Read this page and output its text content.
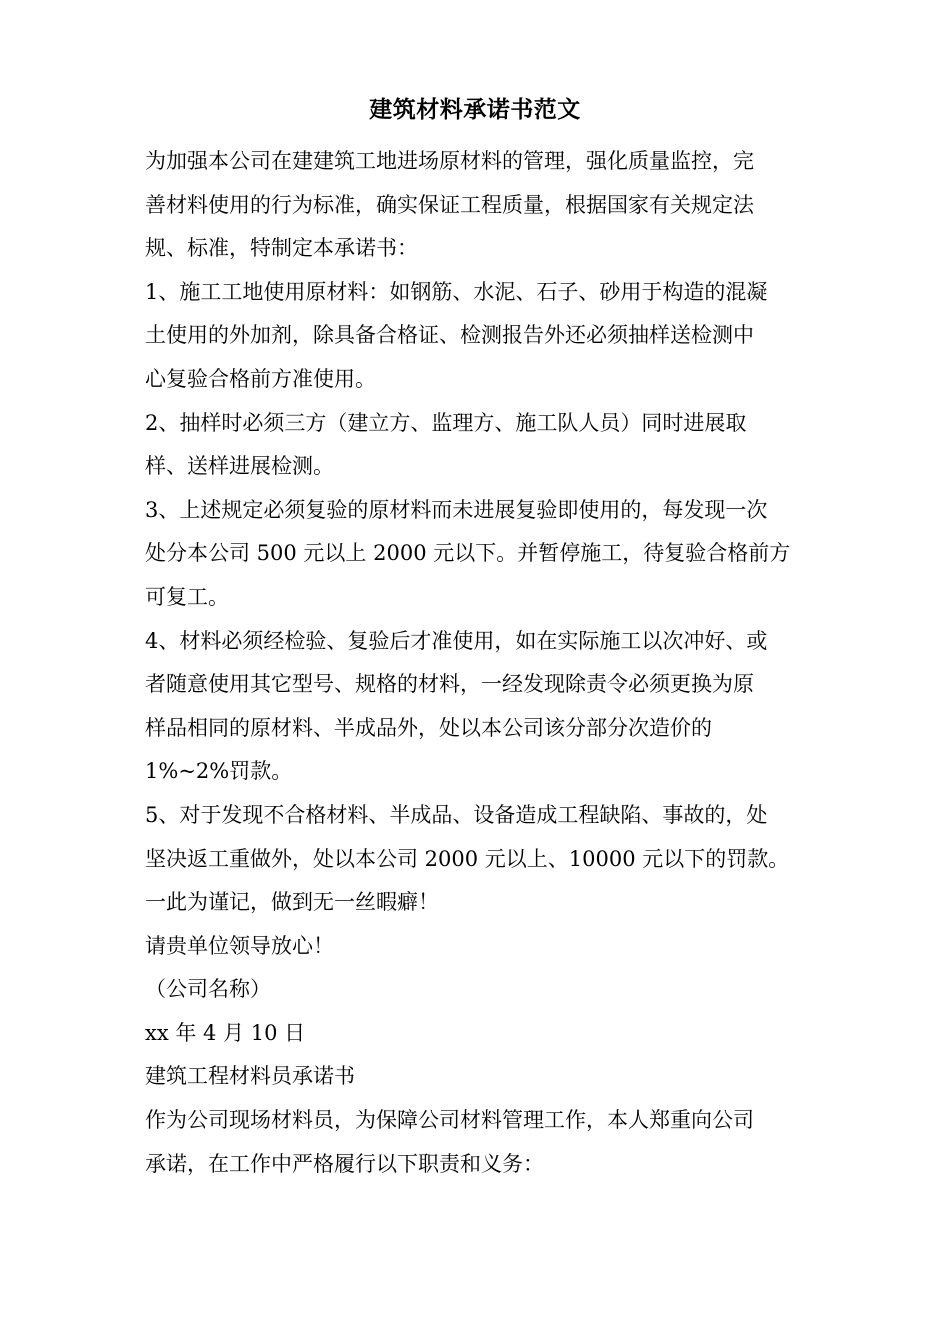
建筑材料承诺书范文
为加强本公司在建建筑工地进场原材料的管理，强化质量监控，完
善材料使用的行为标准，确实保证工程质量，根据国家有关规定法
规、标准，特制定本承诺书：
1、施工工地使用原材料：如钢筋、水泥、石子、砂用于构造的混凝
土使用的外加剂，除具备合格证、检测报告外还必须抽样送检测中
心复验合格前方准使用。
2、抽样时必须三方（建立方、监理方、施工队人员）同时进展取
样、送样进展检测。
3、上述规定必须复验的原材料而未进展复验即使用的，每发现一次
处分本公司 500 元以上 2000 元以下。并暂停施工，待复验合格前方
可复工。
4、材料必须经检验、复验后才准使用，如在实际施工以次冲好、或
者随意使用其它型号、规格的材料，一经发现除责令必须更换为原
样品相同的原材料、半成品外，处以本公司该分部分次造价的
1%~2%罚款。
5、对于发现不合格材料、半成品、设备造成工程缺陷、事故的，处
坚决返工重做外，处以本公司 2000 元以上、10000 元以下的罚款。
一此为谨记，做到无一丝暇癖！
请贵单位领导放心！
（公司名称）
xx 年 4 月 10 日
建筑工程材料员承诺书
作为公司现场材料员，为保障公司材料管理工作，本人郑重向公司
承诺，在工作中严格履行以下职责和义务：
